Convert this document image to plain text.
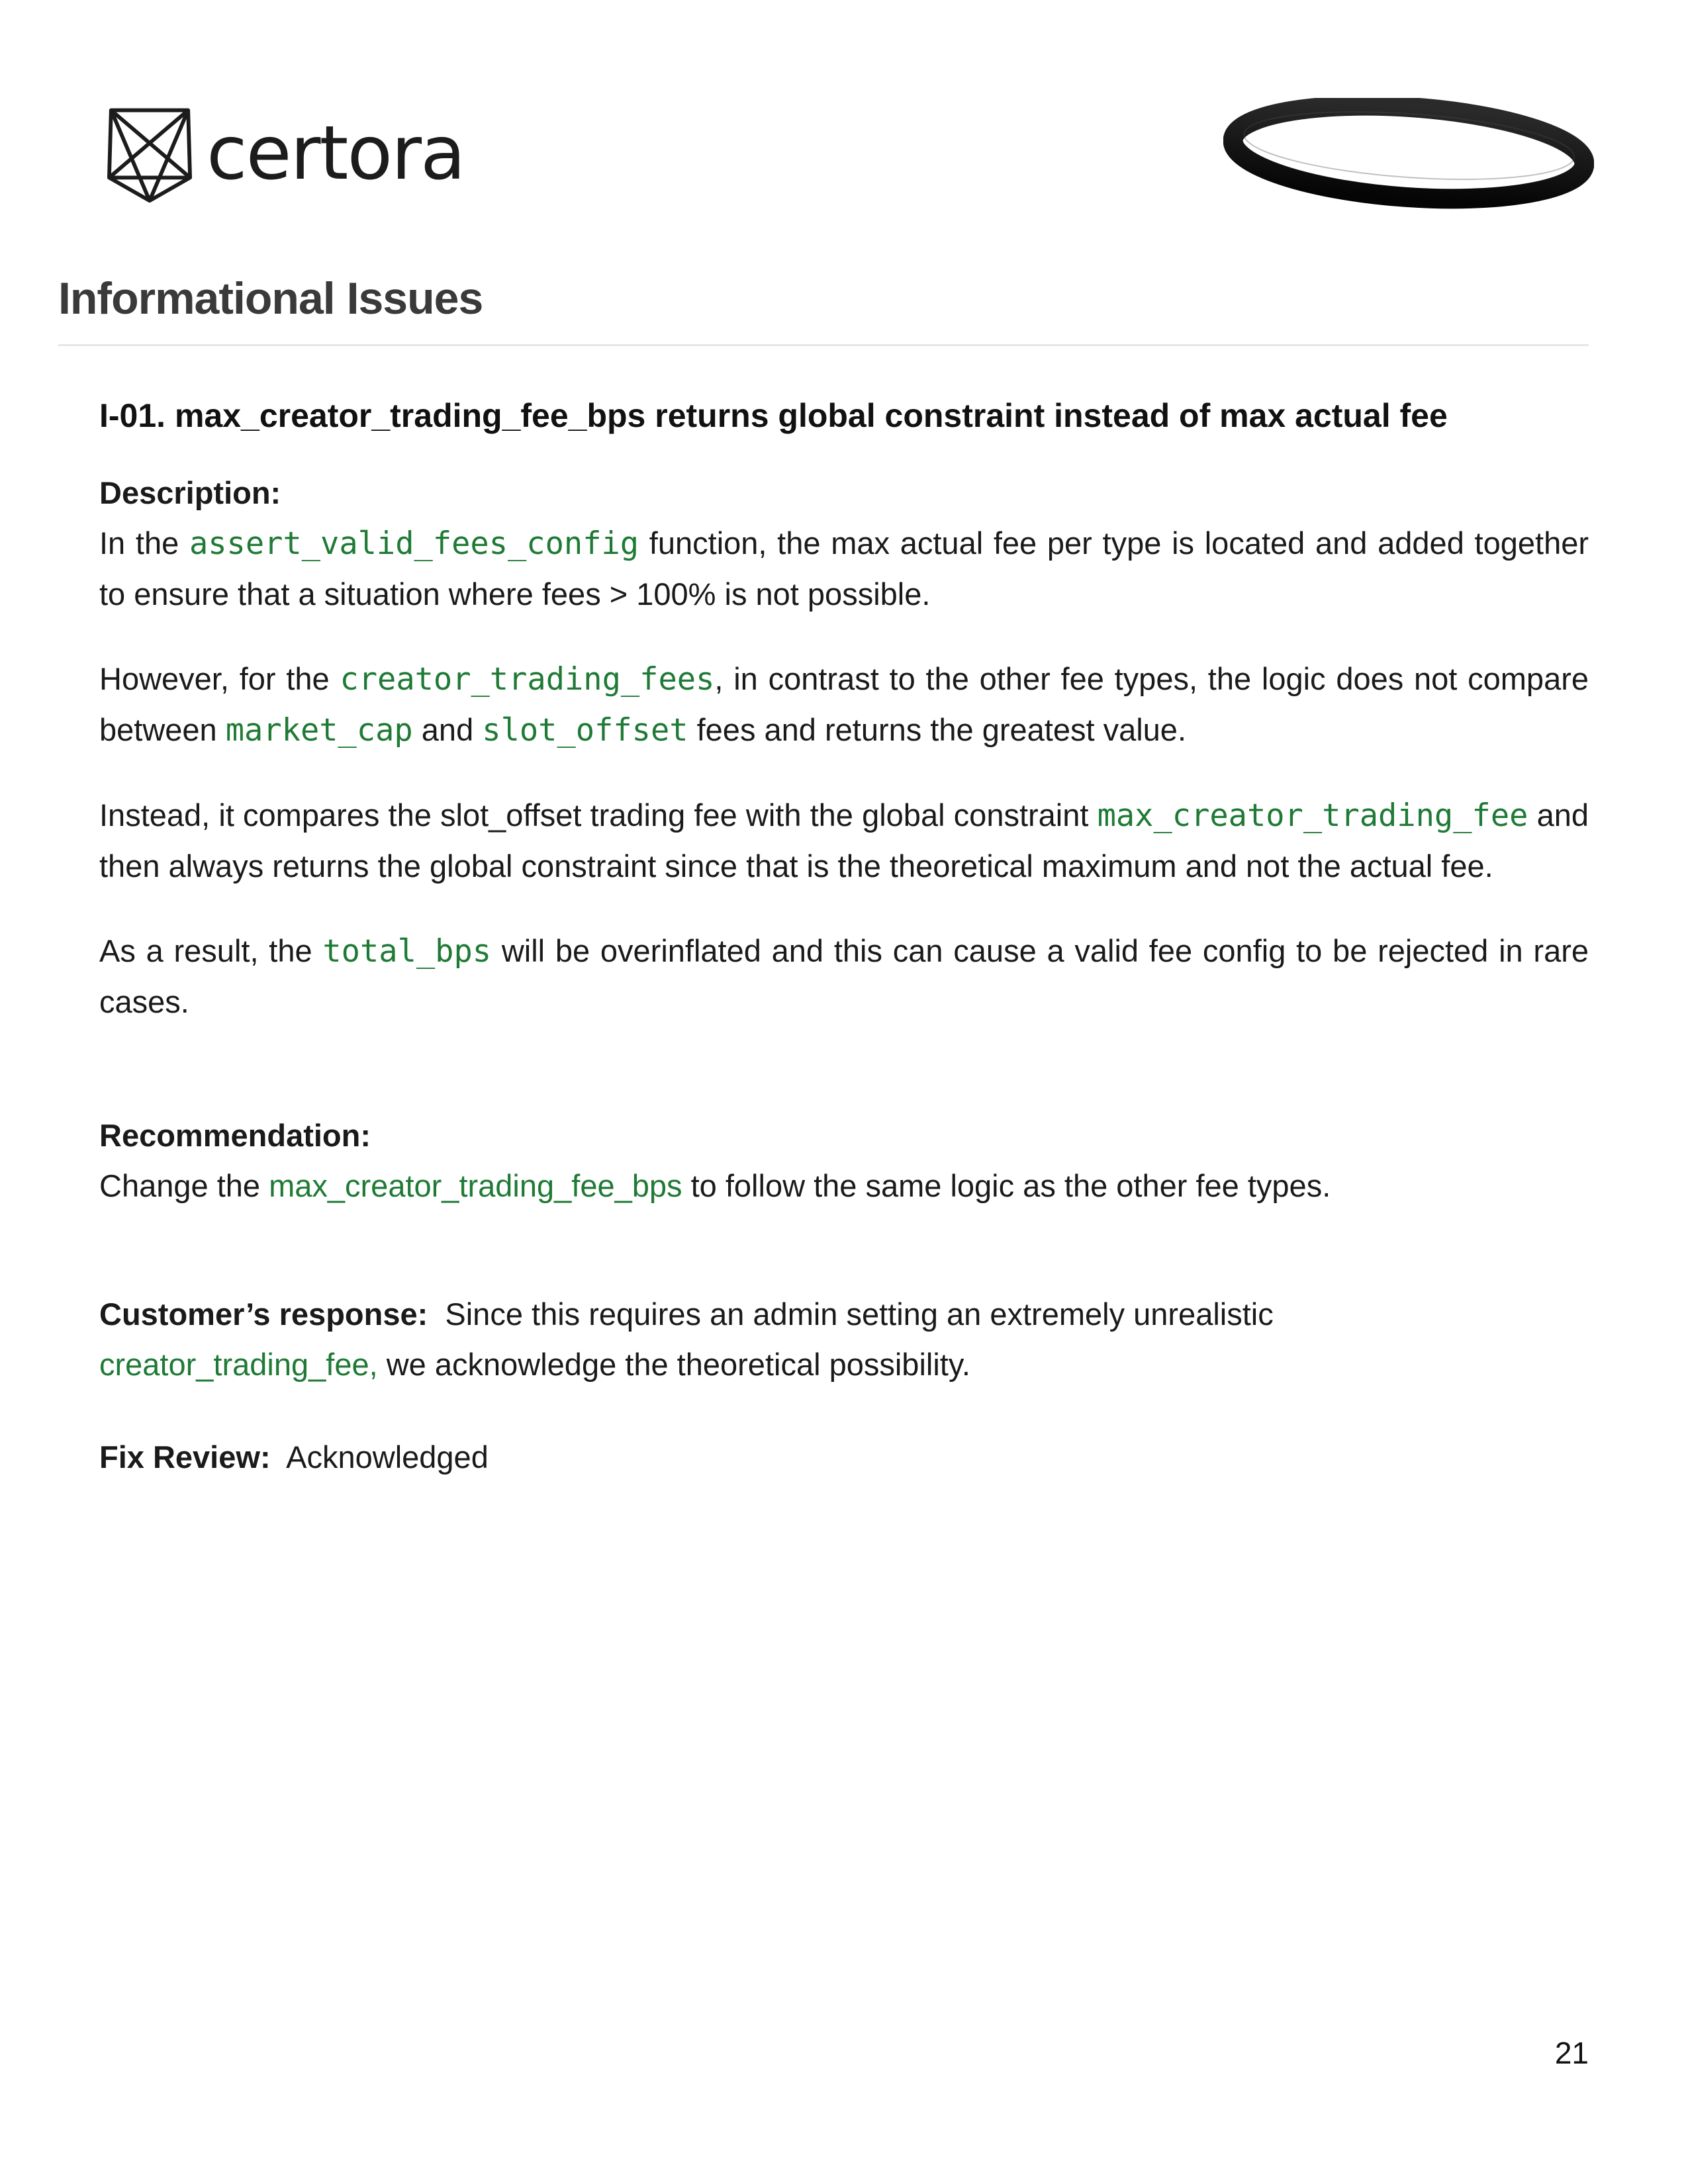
certora
Informational Issues
I-01. max_creator_trading_fee_bps returns global constraint instead of max actual fee

Description:

In the assert_valid_fees_config function, the max actual fee per type is located and added together to ensure that a situation where fees > 100% is not possible.

However, for the creator_trading_fees, in contrast to the other fee types, the logic does not compare between market_cap and slot_offset fees and returns the greatest value.

Instead, it compares the slot_offset trading fee with the global constraint max_creator_trading_fee and then always returns the global constraint since that is the theoretical maximum and not the actual fee.

As a result, the total_bps will be overinflated and this can cause a valid fee config to be rejected in rare cases.

Recommendation:

Change the max_creator_trading_fee_bps to follow the same logic as the other fee types.

Customer’s response: Since this requires an admin setting an extremely unrealistic
creator_trading_fee, we acknowledge the theoretical possibility.

Fix Review: Acknowledged

21
